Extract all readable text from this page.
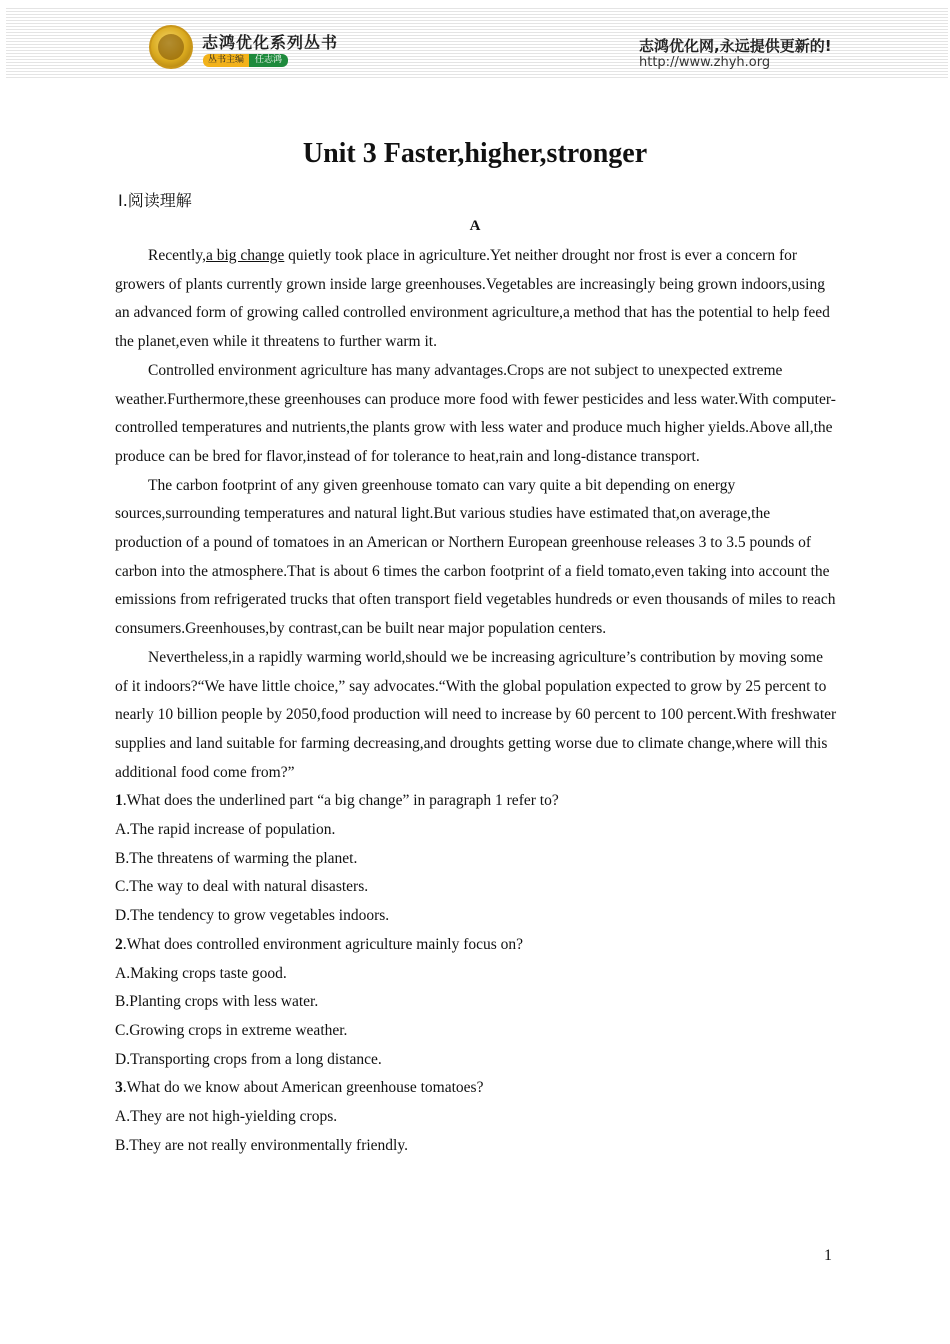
志鸿优化系列丛书
丛书主编	任志鸿
志鸿优化网,永远提供更新的!
http://www.zhyh.org
Unit 3 Faster,higher,stronger
Ⅰ.阅读理解
A

Recently,a big change quietly took place in agriculture.Yet neither drought nor frost is ever a concern for growers of plants currently grown inside large greenhouses.Vegetables are increasingly being grown indoors,using an advanced form of growing called controlled environment agriculture,a method that has the potential to help feed the planet,even while it threatens to further warm it.

Controlled environment agriculture has many advantages.Crops are not subject to unexpected extreme weather.Furthermore,these greenhouses can produce more food with fewer pesticides and less water.With computer-controlled temperatures and nutrients,the plants grow with less water and produce much higher yields.Above all,the produce can be bred for flavor,instead of for tolerance to heat,rain and long-distance transport.

The carbon footprint of any given greenhouse tomato can vary quite a bit depending on energy sources,surrounding temperatures and natural light.But various studies have estimated that,on average,the production of a pound of tomatoes in an American or Northern European greenhouse releases 3 to 3.5 pounds of carbon into the atmosphere.That is about 6 times the carbon footprint of a field tomato,even taking into account the emissions from refrigerated trucks that often transport field vegetables hundreds or even thousands of miles to reach consumers.Greenhouses,by contrast,can be built near major population centers.

Nevertheless,in a rapidly warming world,should we be increasing agriculture’s contribution by moving some of it indoors?“We have little choice,” say advocates.“With the global population expected to grow by 25 percent to nearly 10 billion people by 2050,food production will need to increase by 60 percent to 100 percent.With freshwater supplies and land suitable for farming decreasing,and droughts getting worse due to climate change,where will this additional food come from?”

1.What does the underlined part “a big change” in paragraph 1 refer to?
A.The rapid increase of population.
B.The threatens of warming the planet.
C.The way to deal with natural disasters.
D.The tendency to grow vegetables indoors.
2.What does controlled environment agriculture mainly focus on?
A.Making crops taste good.
B.Planting crops with less water.
C.Growing crops in extreme weather.
D.Transporting crops from a long distance.
3.What do we know about American greenhouse tomatoes?
A.They are not high-yielding crops.
B.They are not really environmentally friendly.
1
